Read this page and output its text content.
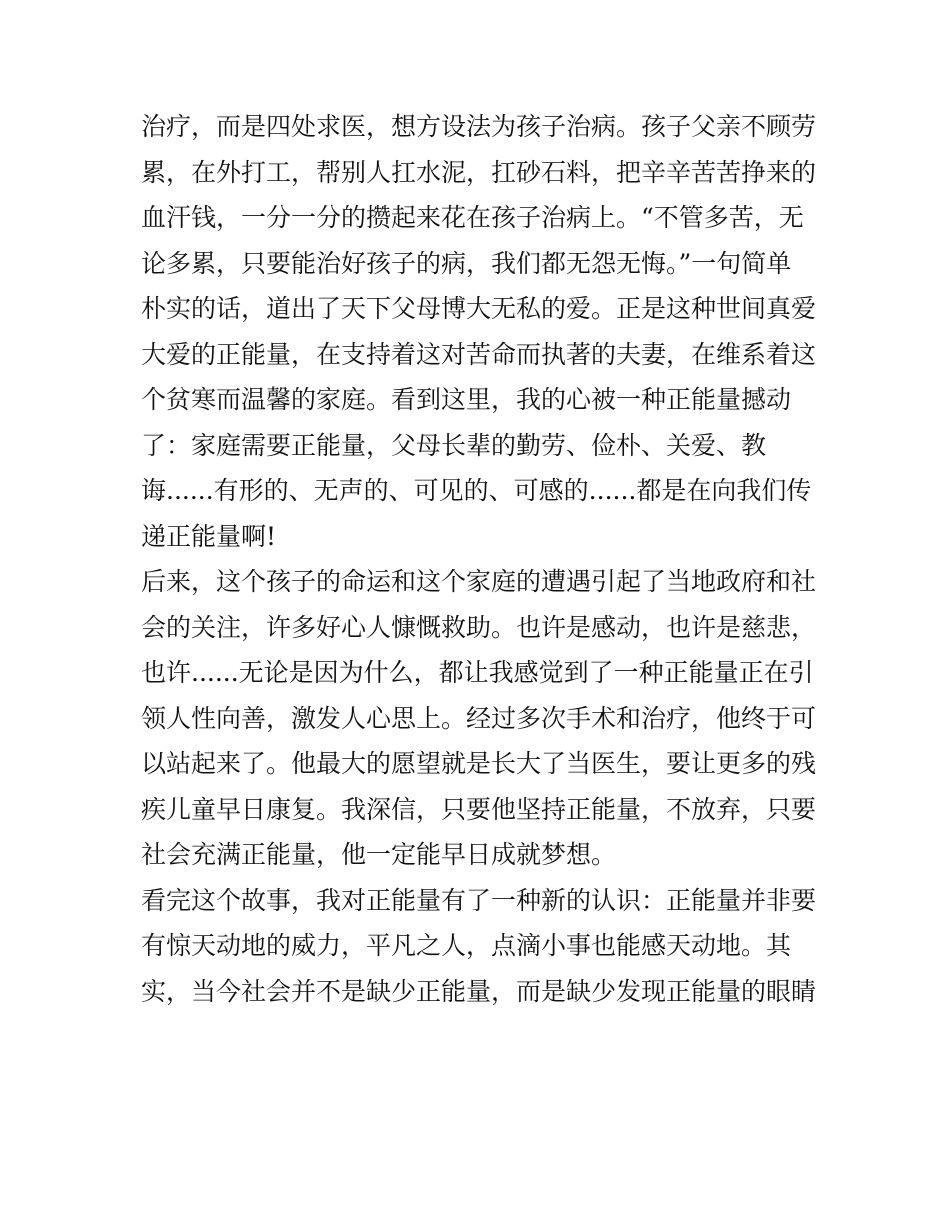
治疗，而是四处求医，想方设法为孩子治病。孩子父亲不顾劳
累，在外打工，帮别人扛水泥，扛砂石料，把辛辛苦苦挣来的
血汗钱，一分一分的攒起来花在孩子治病上。“不管多苦，无
论多累，只要能治好孩子的病，我们都无怨无悔。”一句简单
朴实的话，道出了天下父母博大无私的爱。正是这种世间真爱
大爱的正能量，在支持着这对苦命而执著的夫妻，在维系着这
个贫寒而温馨的家庭。看到这里，我的心被一种正能量撼动
了：家庭需要正能量，父母长辈的勤劳、俭朴、关爱、教
诲......有形的、无声的、可见的、可感的......都是在向我们传
递正能量啊!
后来，这个孩子的命运和这个家庭的遭遇引起了当地政府和社
会的关注，许多好心人慷慨救助。也许是感动，也许是慈悲，
也许......无论是因为什么，都让我感觉到了一种正能量正在引
领人性向善，激发人心思上。经过多次手术和治疗，他终于可
以站起来了。他最大的愿望就是长大了当医生，要让更多的残
疾儿童早日康复。我深信，只要他坚持正能量，不放弃，只要
社会充满正能量，他一定能早日成就梦想。
看完这个故事，我对正能量有了一种新的认识：正能量并非要
有惊天动地的威力，平凡之人，点滴小事也能感天动地。其
实，当今社会并不是缺少正能量，而是缺少发现正能量的眼睛
